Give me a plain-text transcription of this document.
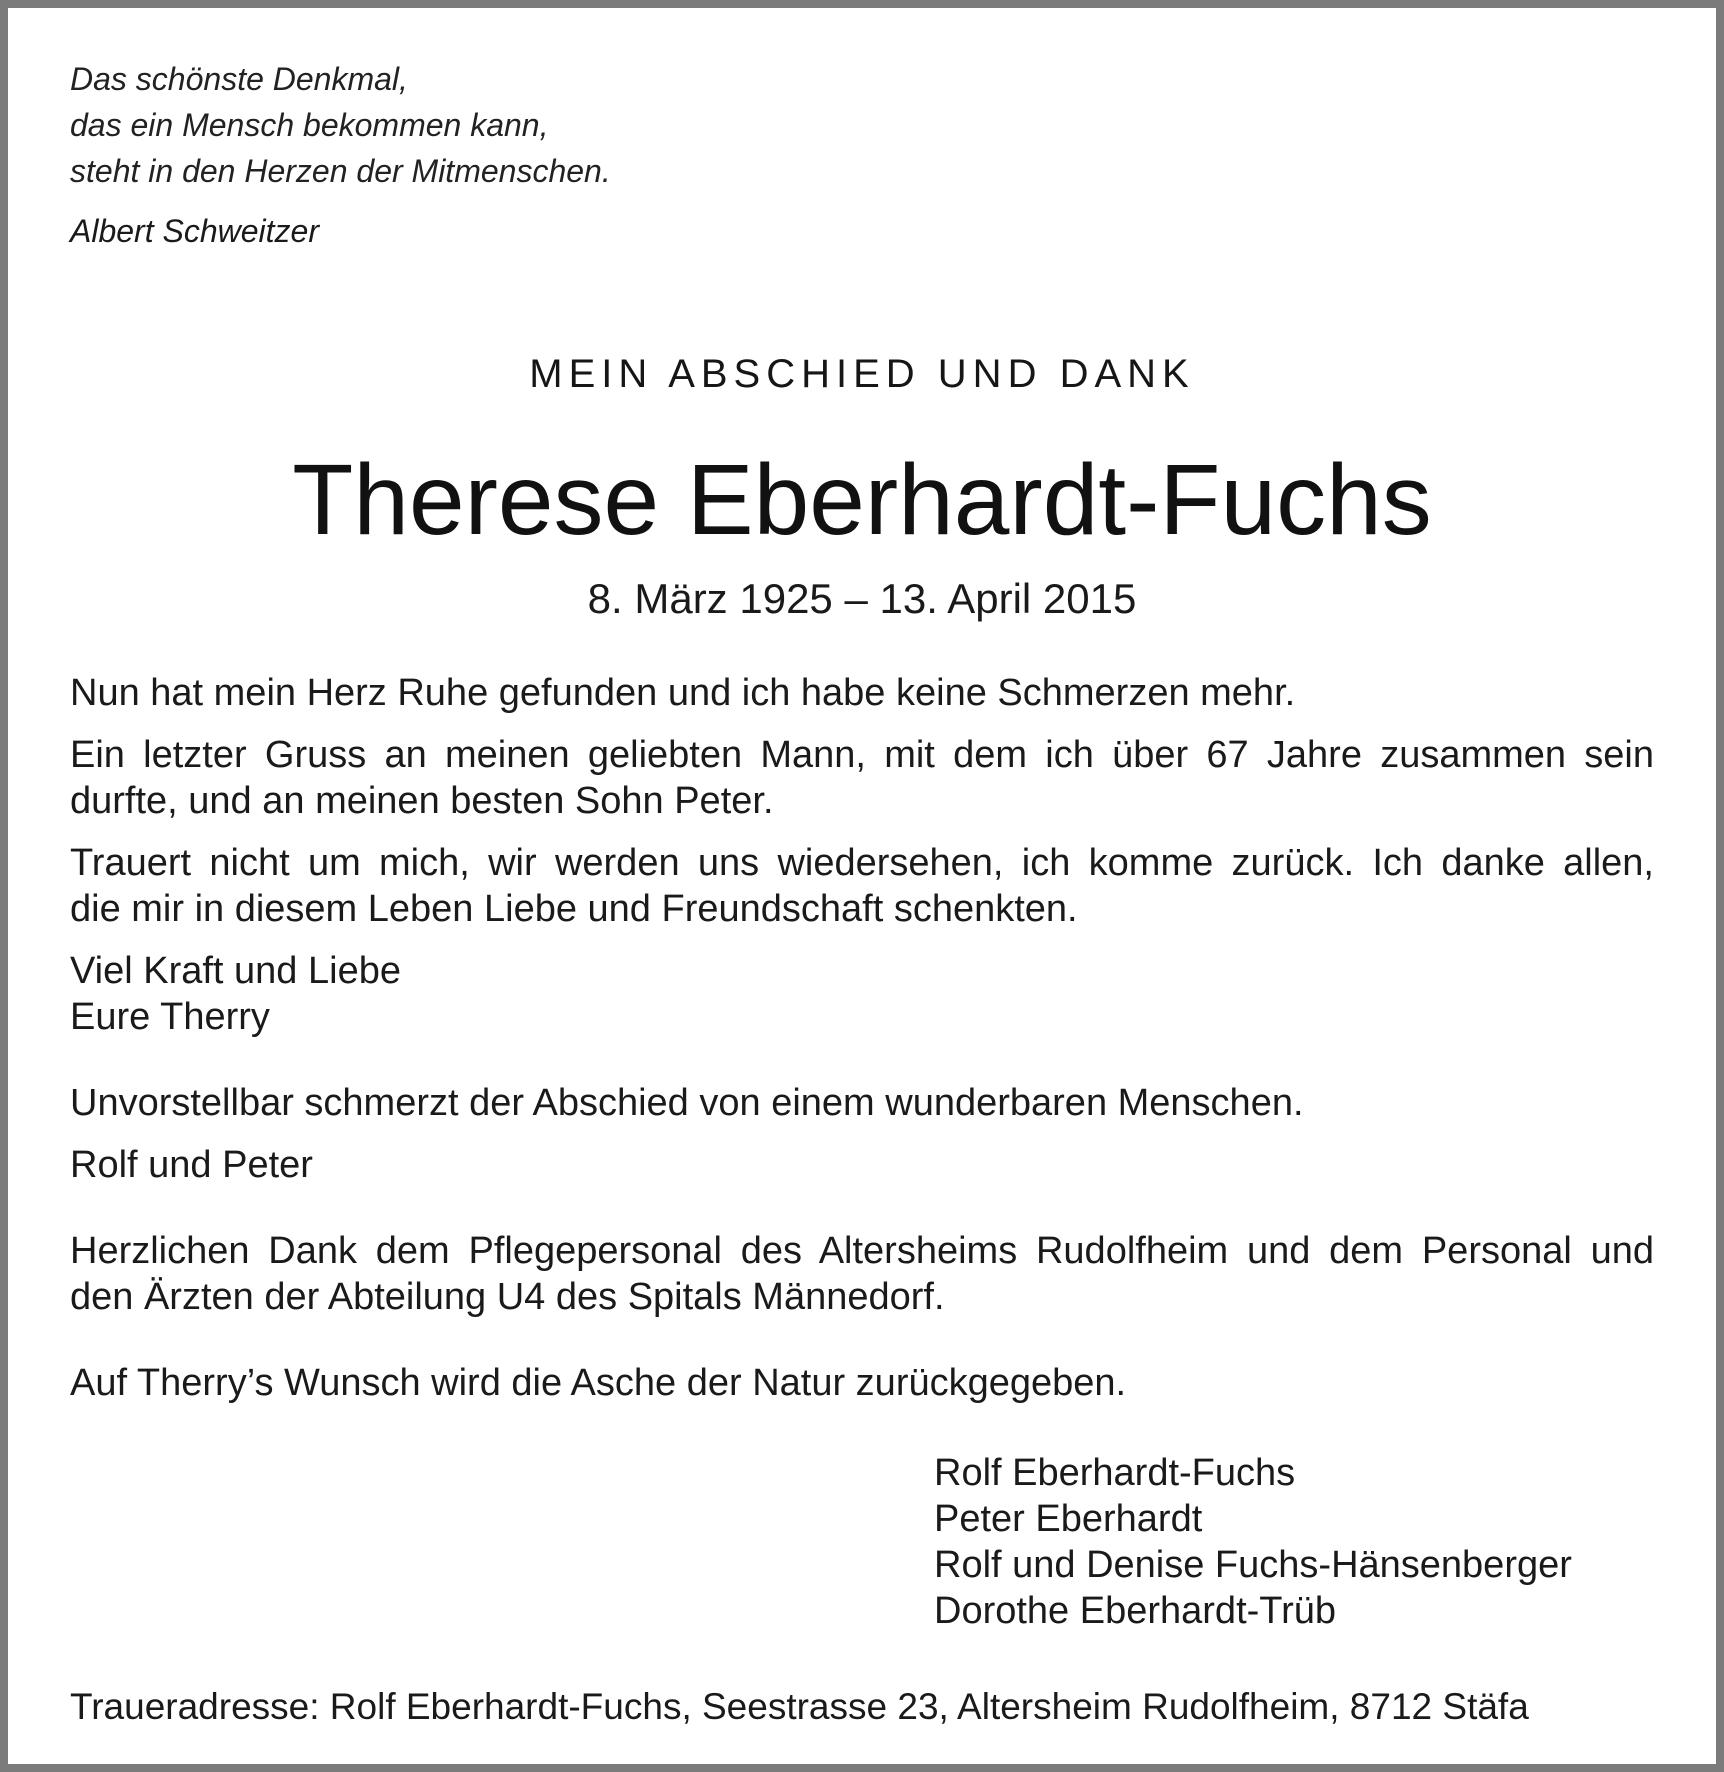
Das schönste Denkmal,
das ein Mensch bekommen kann,
steht in den Herzen der Mitmenschen.
Albert Schweitzer
MEIN ABSCHIED UND DANK
Therese Eberhardt-Fuchs
8. März 1925 – 13. April 2015

Nun hat mein Herz Ruhe gefunden und ich habe keine Schmerzen mehr.

Ein letzter Gruss an meinen geliebten Mann, mit dem ich über 67 Jahre zusammen sein
durfte, und an meinen besten Sohn Peter.

Trauert nicht um mich, wir werden uns wiedersehen, ich komme zurück. Ich danke allen,
die mir in diesem Leben Liebe und Freundschaft schenkten.

Viel Kraft und Liebe
Eure Therry

Unvorstellbar schmerzt der Abschied von einem wunderbaren Menschen.

Rolf und Peter

Herzlichen Dank dem Pflegepersonal des Altersheims Rudolfheim und dem Personal und
den Ärzten der Abteilung U4 des Spitals Männedorf.

Auf Therry’s Wunsch wird die Asche der Natur zurückgegeben.

Rolf Eberhardt-Fuchs
Peter Eberhardt
Rolf und Denise Fuchs-Hänsenberger
Dorothe Eberhardt-Trüb

Traueradresse: Rolf Eberhardt-Fuchs, Seestrasse 23, Altersheim Rudolfheim, 8712 Stäfa
